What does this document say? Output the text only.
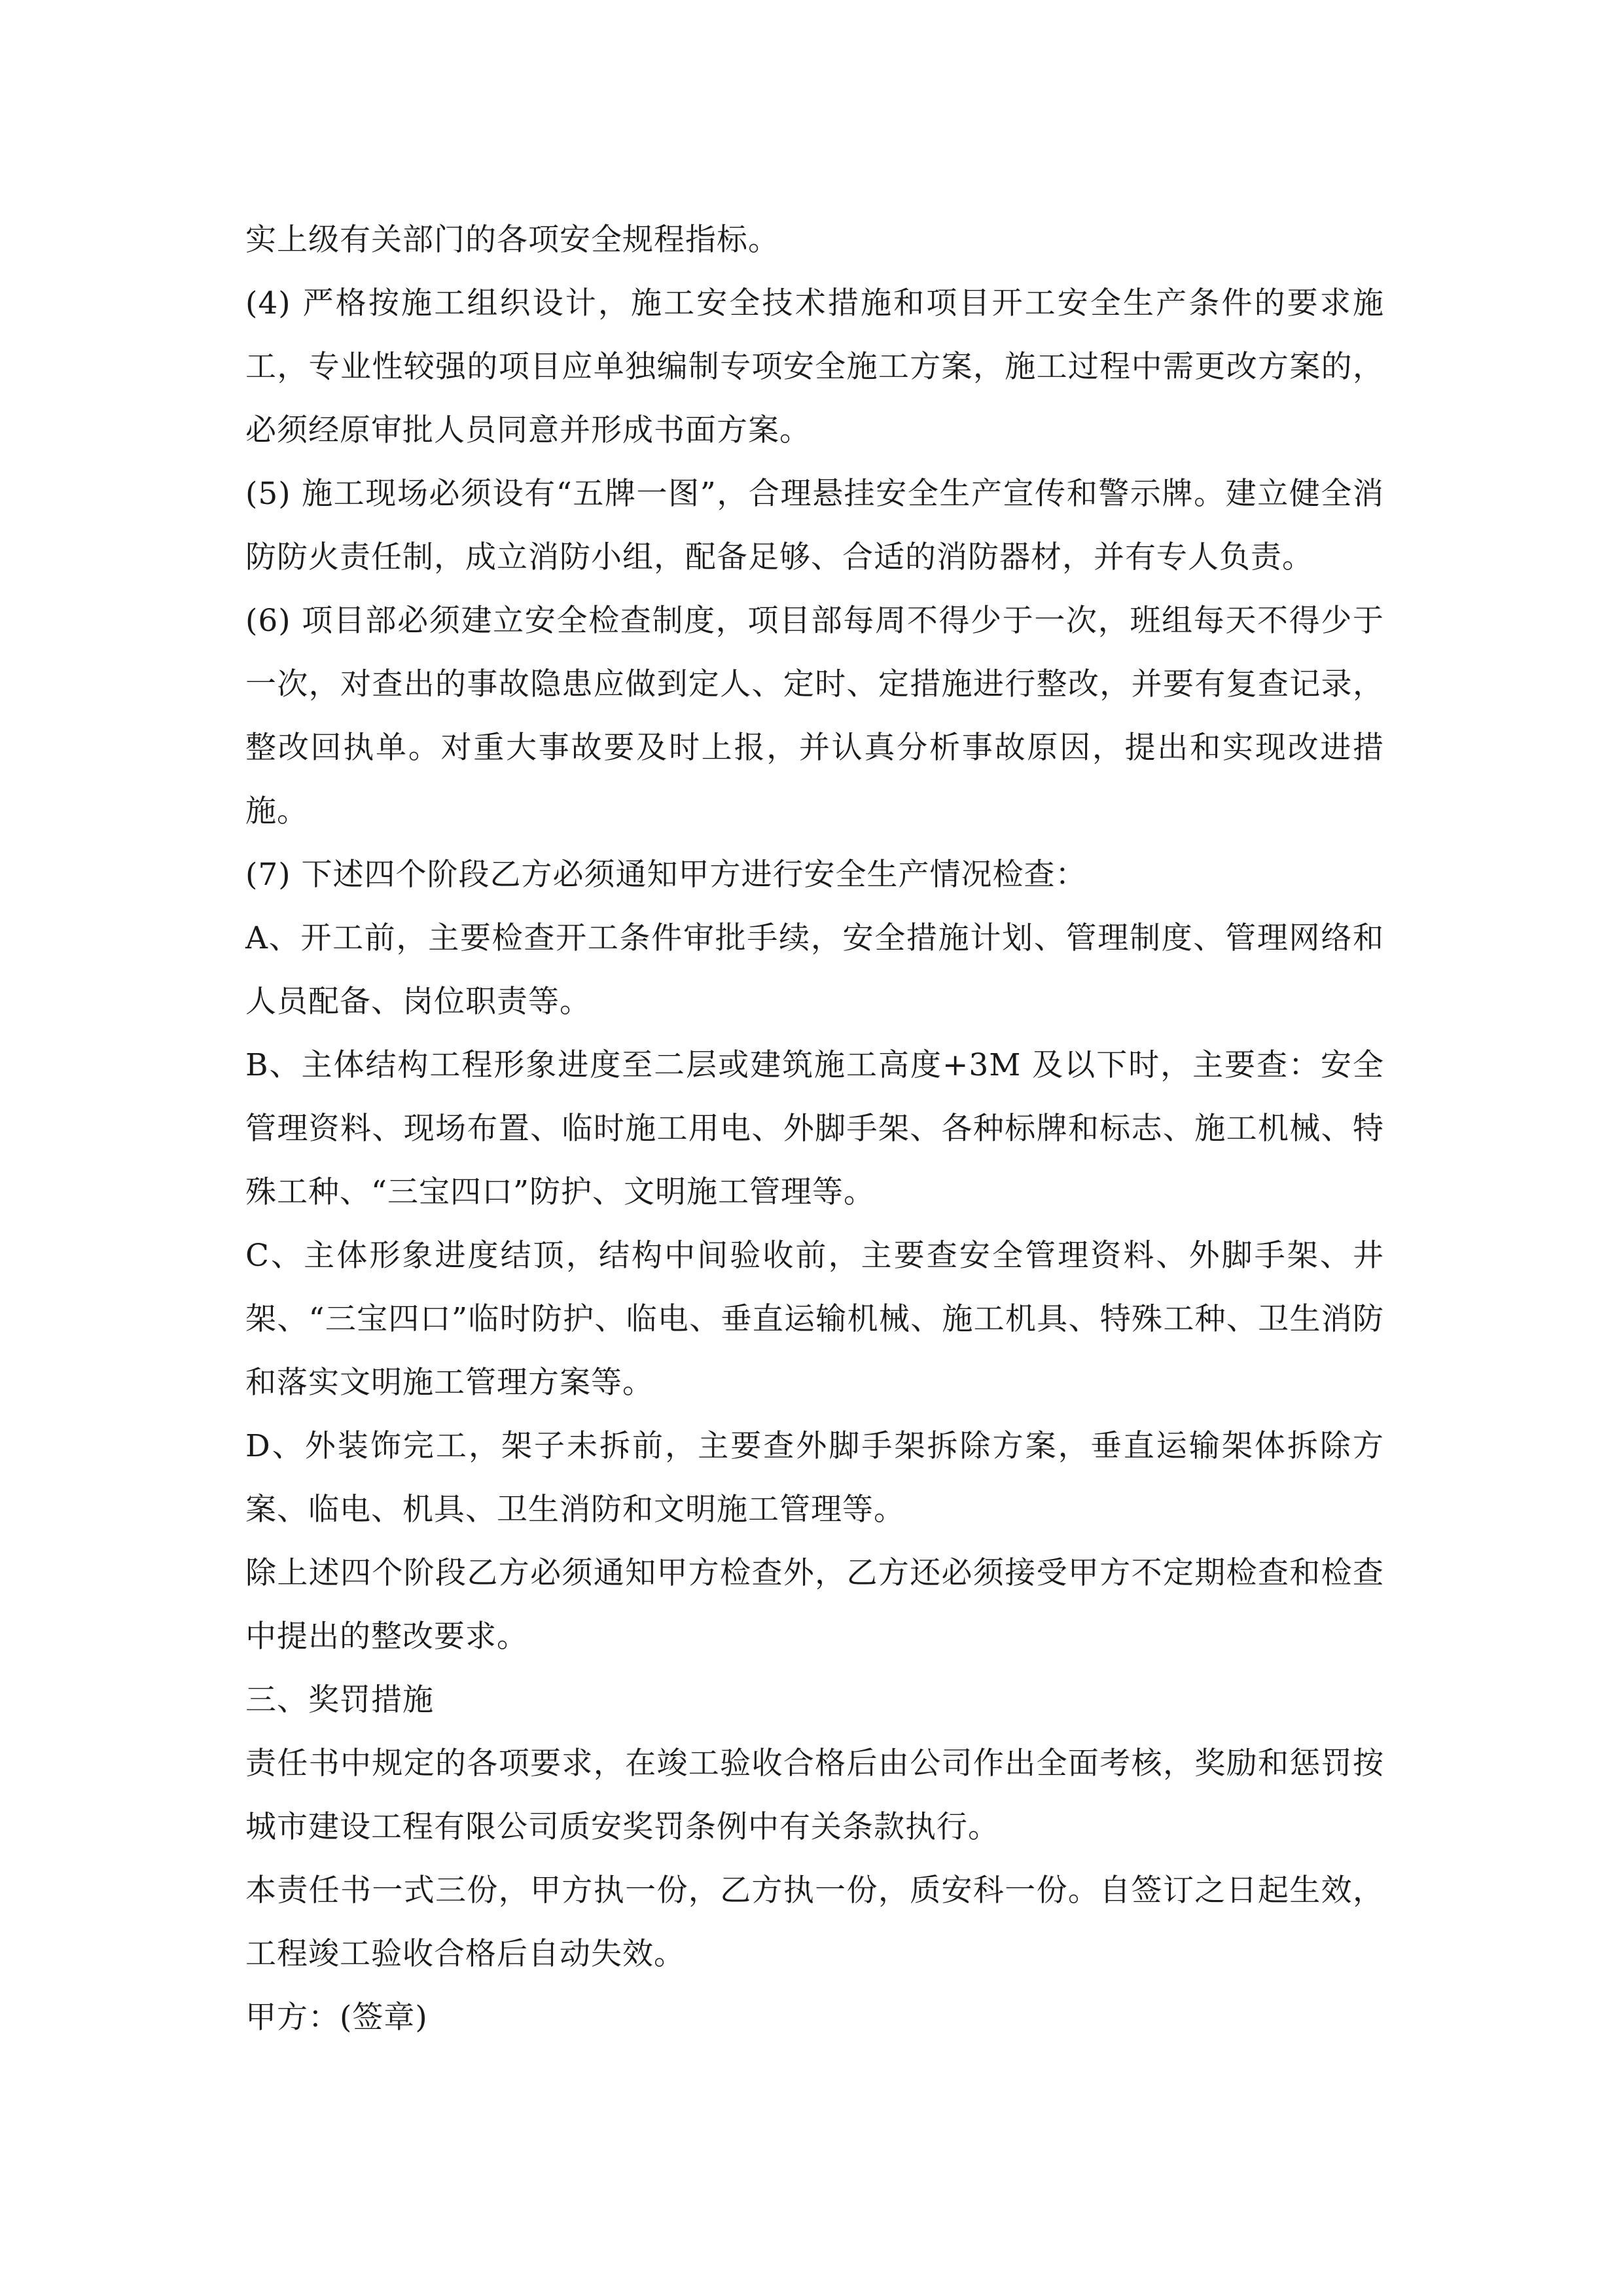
实上级有关部门的各项安全规程指标。

(4) 严格按施工组织设计，施工安全技术措施和项目开工安全生产条件的要求施工，专业性较强的项目应单独编制专项安全施工方案，施工过程中需更改方案的，必须经原审批人员同意并形成书面方案。

(5) 施工现场必须设有“五牌一图”，合理悬挂安全生产宣传和警示牌。建立健全消防防火责任制，成立消防小组，配备足够、合适的消防器材，并有专人负责。

(6) 项目部必须建立安全检查制度，项目部每周不得少于一次，班组每天不得少于一次，对查出的事故隐患应做到定人、定时、定措施进行整改，并要有复查记录，整改回执单。对重大事故要及时上报，并认真分析事故原因，提出和实现改进措施。

(7) 下述四个阶段乙方必须通知甲方进行安全生产情况检查：

A、开工前，主要检查开工条件审批手续，安全措施计划、管理制度、管理网络和人员配备、岗位职责等。

B、主体结构工程形象进度至二层或建筑施工高度+3M 及以下时，主要查：安全管理资料、现场布置、临时施工用电、外脚手架、各种标牌和标志、施工机械、特殊工种、“三宝四口”防护、文明施工管理等。

C、主体形象进度结顶，结构中间验收前，主要查安全管理资料、外脚手架、井架、“三宝四口”临时防护、临电、垂直运输机械、施工机具、特殊工种、卫生消防和落实文明施工管理方案等。

D、外装饰完工，架子未拆前，主要查外脚手架拆除方案，垂直运输架体拆除方案、临电、机具、卫生消防和文明施工管理等。

除上述四个阶段乙方必须通知甲方检查外，乙方还必须接受甲方不定期检查和检查中提出的整改要求。

三、奖罚措施

责任书中规定的各项要求，在竣工验收合格后由公司作出全面考核，奖励和惩罚按城市建设工程有限公司质安奖罚条例中有关条款执行。

本责任书一式三份，甲方执一份，乙方执一份，质安科一份。自签订之日起生效，工程竣工验收合格后自动失效。

甲方：(签章)
